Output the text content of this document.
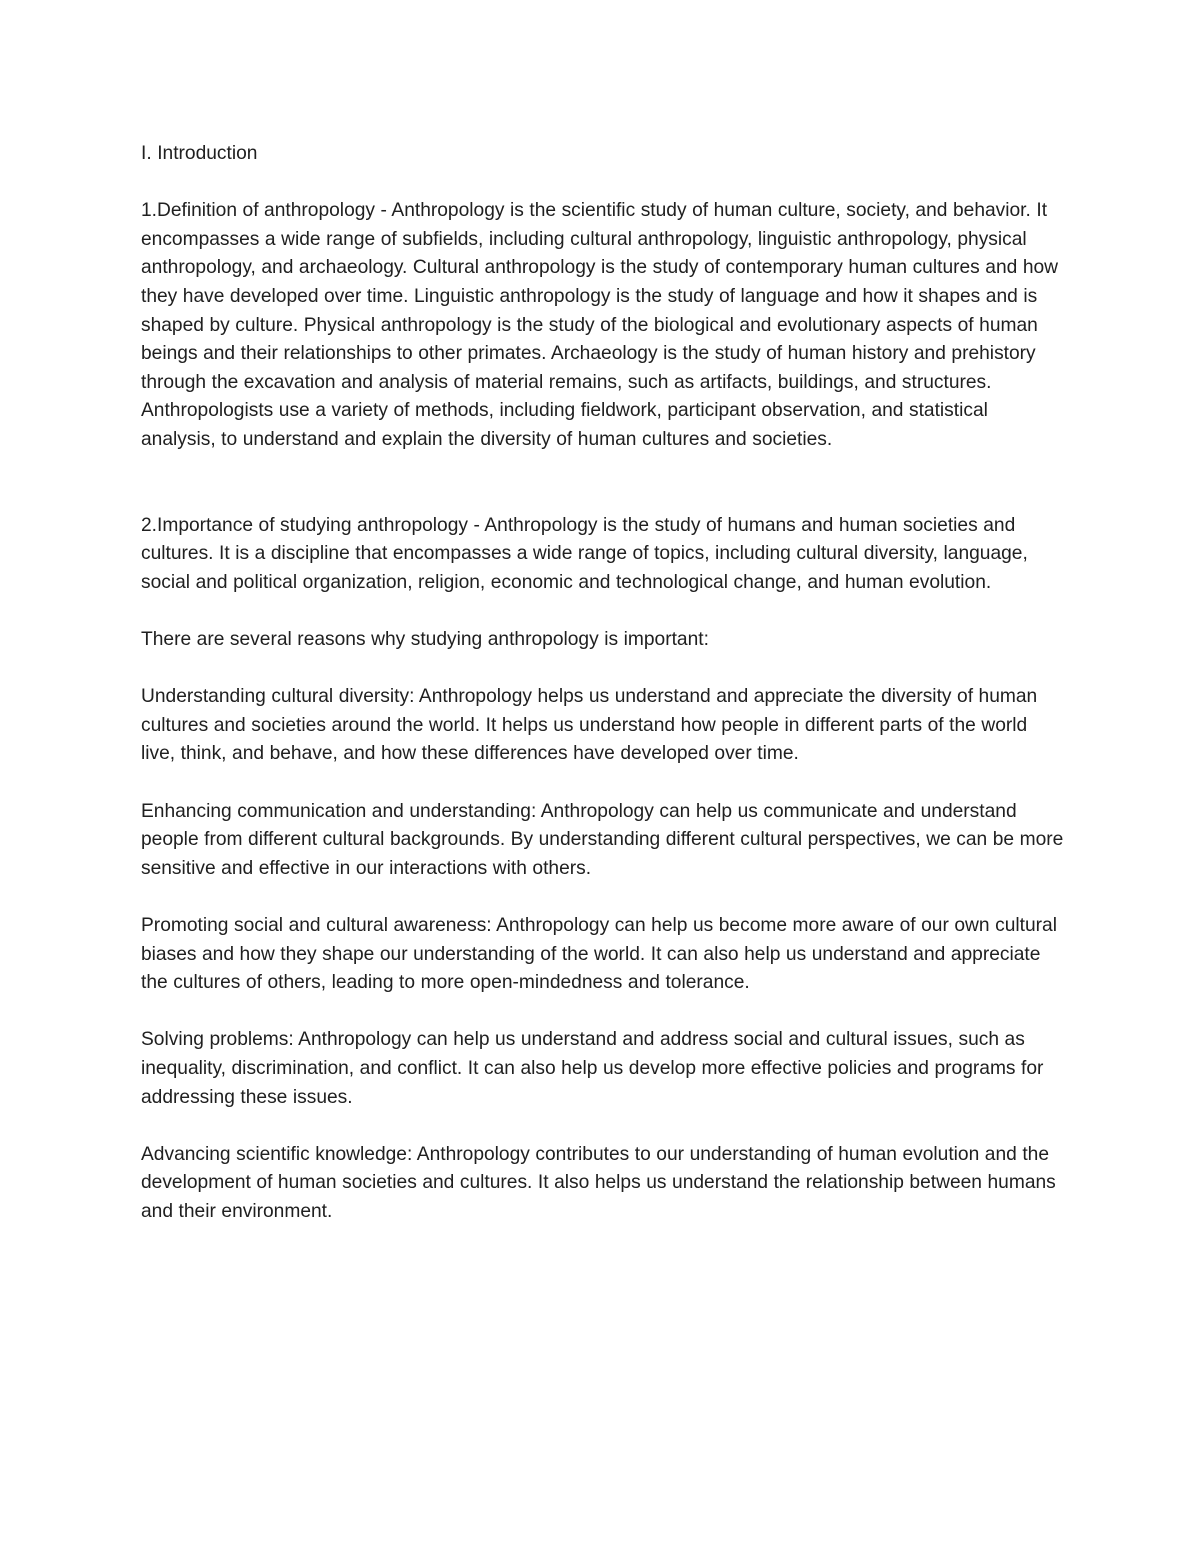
I. Introduction

1.Definition of anthropology - Anthropology is the scientific study of human culture, society, and behavior. It encompasses a wide range of subfields, including cultural anthropology, linguistic anthropology, physical anthropology, and archaeology. Cultural anthropology is the study of contemporary human cultures and how they have developed over time. Linguistic anthropology is the study of language and how it shapes and is shaped by culture. Physical anthropology is the study of the biological and evolutionary aspects of human beings and their relationships to other primates. Archaeology is the study of human history and prehistory through the excavation and analysis of material remains, such as artifacts, buildings, and structures. Anthropologists use a variety of methods, including fieldwork, participant observation, and statistical analysis, to understand and explain the diversity of human cultures and societies.

2.Importance of studying anthropology - Anthropology is the study of humans and human societies and cultures. It is a discipline that encompasses a wide range of topics, including cultural diversity, language, social and political organization, religion, economic and technological change, and human evolution.

There are several reasons why studying anthropology is important:

Understanding cultural diversity: Anthropology helps us understand and appreciate the diversity of human cultures and societies around the world. It helps us understand how people in different parts of the world live, think, and behave, and how these differences have developed over time.

Enhancing communication and understanding: Anthropology can help us communicate and understand people from different cultural backgrounds. By understanding different cultural perspectives, we can be more sensitive and effective in our interactions with others.

Promoting social and cultural awareness: Anthropology can help us become more aware of our own cultural biases and how they shape our understanding of the world. It can also help us understand and appreciate the cultures of others, leading to more open-mindedness and tolerance.

Solving problems: Anthropology can help us understand and address social and cultural issues, such as inequality, discrimination, and conflict. It can also help us develop more effective policies and programs for addressing these issues.

Advancing scientific knowledge: Anthropology contributes to our understanding of human evolution and the development of human societies and cultures. It also helps us understand the relationship between humans and their environment.
